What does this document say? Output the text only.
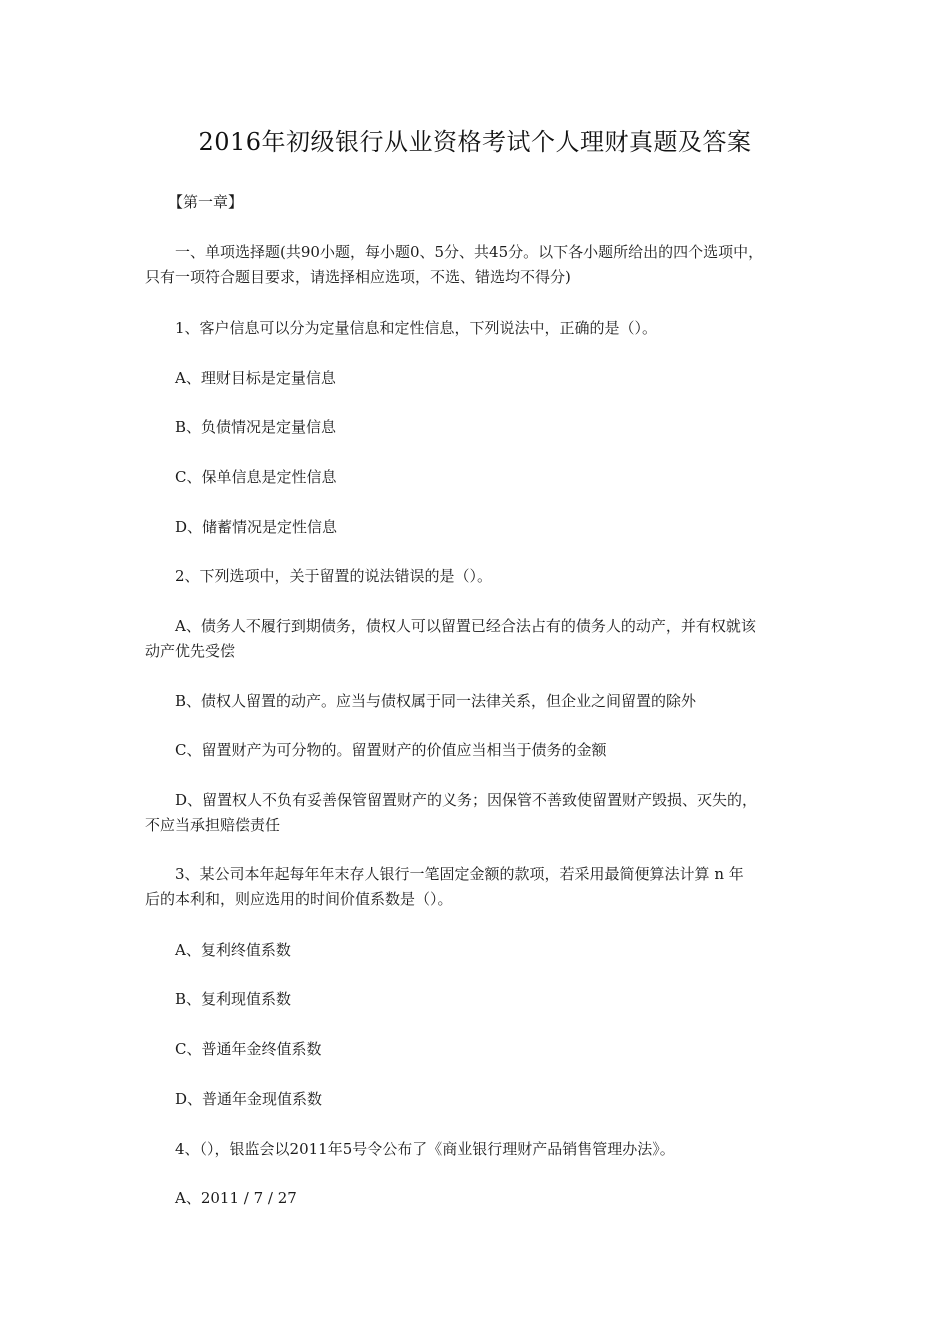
2016年初级银行从业资格考试个人理财真题及答案

【第一章】

一、单项选择题(共90小题，每小题0、5分、共45分。以下各小题所给出的四个选项中，
只有一项符合题目要求，请选择相应选项，不选、错选均不得分)

1、客户信息可以分为定量信息和定性信息，下列说法中，正确的是（）。

A、理财目标是定量信息

B、负债情况是定量信息

C、保单信息是定性信息

D、储蓄情况是定性信息

2、下列选项中，关于留置的说法错误的是（）。

A、债务人不履行到期债务，债权人可以留置已经合法占有的债务人的动产，并有权就该
动产优先受偿

B、债权人留置的动产。应当与债权属于同一法律关系，但企业之间留置的除外

C、留置财产为可分物的。留置财产的价值应当相当于债务的金额

D、留置权人不负有妥善保管留置财产的义务；因保管不善致使留置财产毁损、灭失的，
不应当承担赔偿责任
3、某公司本年起每年年末存人银行一笔固定金额的款项，若采用最简便算法计算 n 年
后的本利和，则应选用的时间价值系数是（）。

A、复利终值系数

B、复利现值系数

C、普通年金终值系数

D、普通年金现值系数

4、（），银监会以2011年5号令公布了《商业银行理财产品销售管理办法》。

A、2011 / 7 / 27
